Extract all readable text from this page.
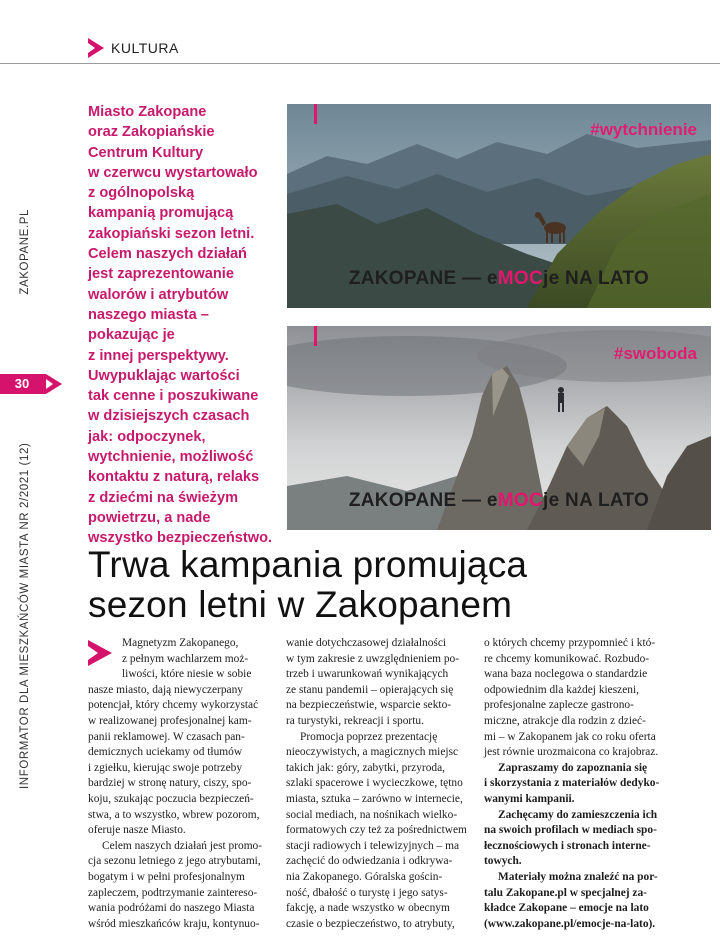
KULTURA
INFORMATOR DLA MIESZKAŃCÓW MIASTA NR 2/2021 (12)
ZAKOPANE.PL
30
Miasto Zakopane
oraz Zakopiańskie
Centrum Kultury
w czerwcu wystartowało
z ogólnopolską
kampanią promującą
zakopiański sezon letni.
Celem naszych działań
jest zaprezentowanie
walorów i atrybutów
naszego miasta –
pokazując je
z innej perspektywy.
Uwypuklając wartości
tak cenne i poszukiwane
w dzisiejszych czasach
jak: odpoczynek,
wytchnienie, możliwość
kontaktu z naturą, relaks
z dziećmi na świeżym
powietrzu, a nade
wszystko bezpieczeństwo.
#wytchnienie
ZAKOPANE — eMOCje NA LATO
#swoboda
ZAKOPANE — eMOCje NA LATO
Trwa kampania promująca
sezon letni w Zakopanem
Magnetyzm Zakopanego,
z pełnym wachlarzem moż-
liwości, które niesie w sobie
nasze miasto, dają niewyczerpany
potencjał, który chcemy wykorzystać
w realizowanej profesjonalnej kam-
panii reklamowej. W czasach pan-
demicznych uciekamy od tłumów
i zgiełku, kierując swoje potrzeby
bardziej w stronę natury, ciszy, spo-
koju, szukając poczucia bezpieczeń-
stwa, a to wszystko, wbrew pozorom,
oferuje nasze Miasto.
Celem naszych działań jest promo-
cja sezonu letniego z jego atrybutami,
bogatym i w pełni profesjonalnym
zapleczem, podtrzymanie zaintereso-
wania podróżami do naszego Miasta
wśród mieszkańców kraju, kontynuo-
wanie dotychczasowej działalności
w tym zakresie z uwzględnieniem po-
trzeb i uwarunkowań wynikających
ze stanu pandemii – opierających się
na bezpieczeństwie, wsparcie sekto-
ra turystyki, rekreacji i sportu.
Promocja poprzez prezentację
nieoczywistych, a magicznych miejsc
takich jak: góry, zabytki, przyroda,
szlaki spacerowe i wycieczkowe, tętno
miasta, sztuka – zarówno w internecie,
social mediach, na nośnikach wielko-
formatowych czy też za pośrednictwem
stacji radiowych i telewizyjnych – ma
zachęcić do odwiedzania i odkrywa-
nia Zakopanego. Góralska gościn-
ność, dbałość o turystę i jego satys-
fakcję, a nade wszystko w obecnym
czasie o bezpieczeństwo, to atrybuty,
o których chcemy przypomnieć i któ-
re chcemy komunikować. Rozbudo-
wana baza noclegowa o standardzie
odpowiednim dla każdej kieszeni,
profesjonalne zaplecze gastrono-
miczne, atrakcje dla rodzin z dzieć-
mi – w Zakopanem jak co roku oferta
jest równie urozmaicona co krajobraz.
Zapraszamy do zapoznania się
i skorzystania z materiałów dedyko-
wanymi kampanii.
Zachęcamy do zamieszczenia ich
na swoich profilach w mediach spo-
łecznościowych i stronach interne-
towych.
Materiały można znaleźć na por-
talu Zakopane.pl w specjalnej za-
kładce Zakopane – emocje na lato
(www.zakopane.pl/emocje-na-lato).
